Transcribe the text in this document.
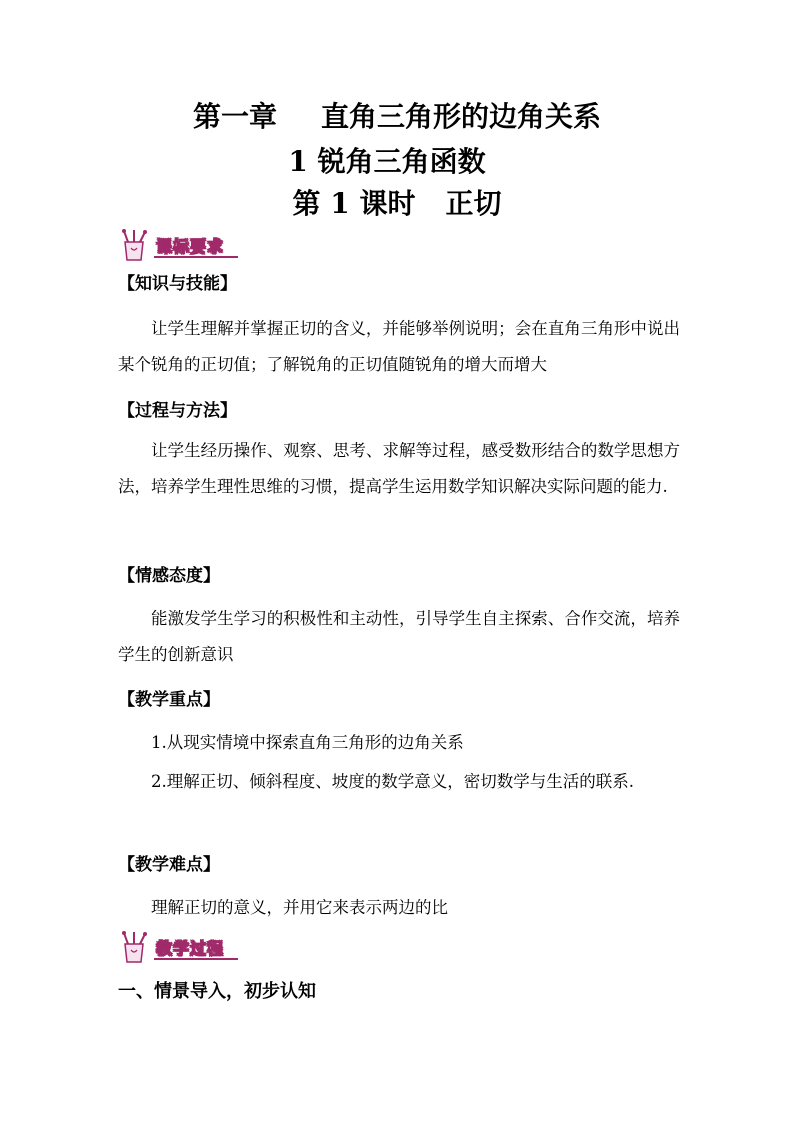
第一章 直角三角形的边角关系
1 锐角三角函数
第 1 课时 正切
课标要求
【知识与技能】
让学生理解并掌握正切的含义，并能够举例说明；会在直角三角形中说出某个锐角的正切值；了解锐角的正切值随锐角的增大而增大
【过程与方法】
让学生经历操作、观察、思考、求解等过程，感受数形结合的数学思想方法，培养学生理性思维的习惯，提高学生运用数学知识解决实际问题的能力.
【情感态度】
能激发学生学习的积极性和主动性，引导学生自主探索、合作交流，培养学生的创新意识
【教学重点】
1.从现实情境中探索直角三角形的边角关系
2.理解正切、倾斜程度、坡度的数学意义，密切数学与生活的联系.
【教学难点】
理解正切的意义，并用它来表示两边的比
教学过程
一、情景导入，初步认知
